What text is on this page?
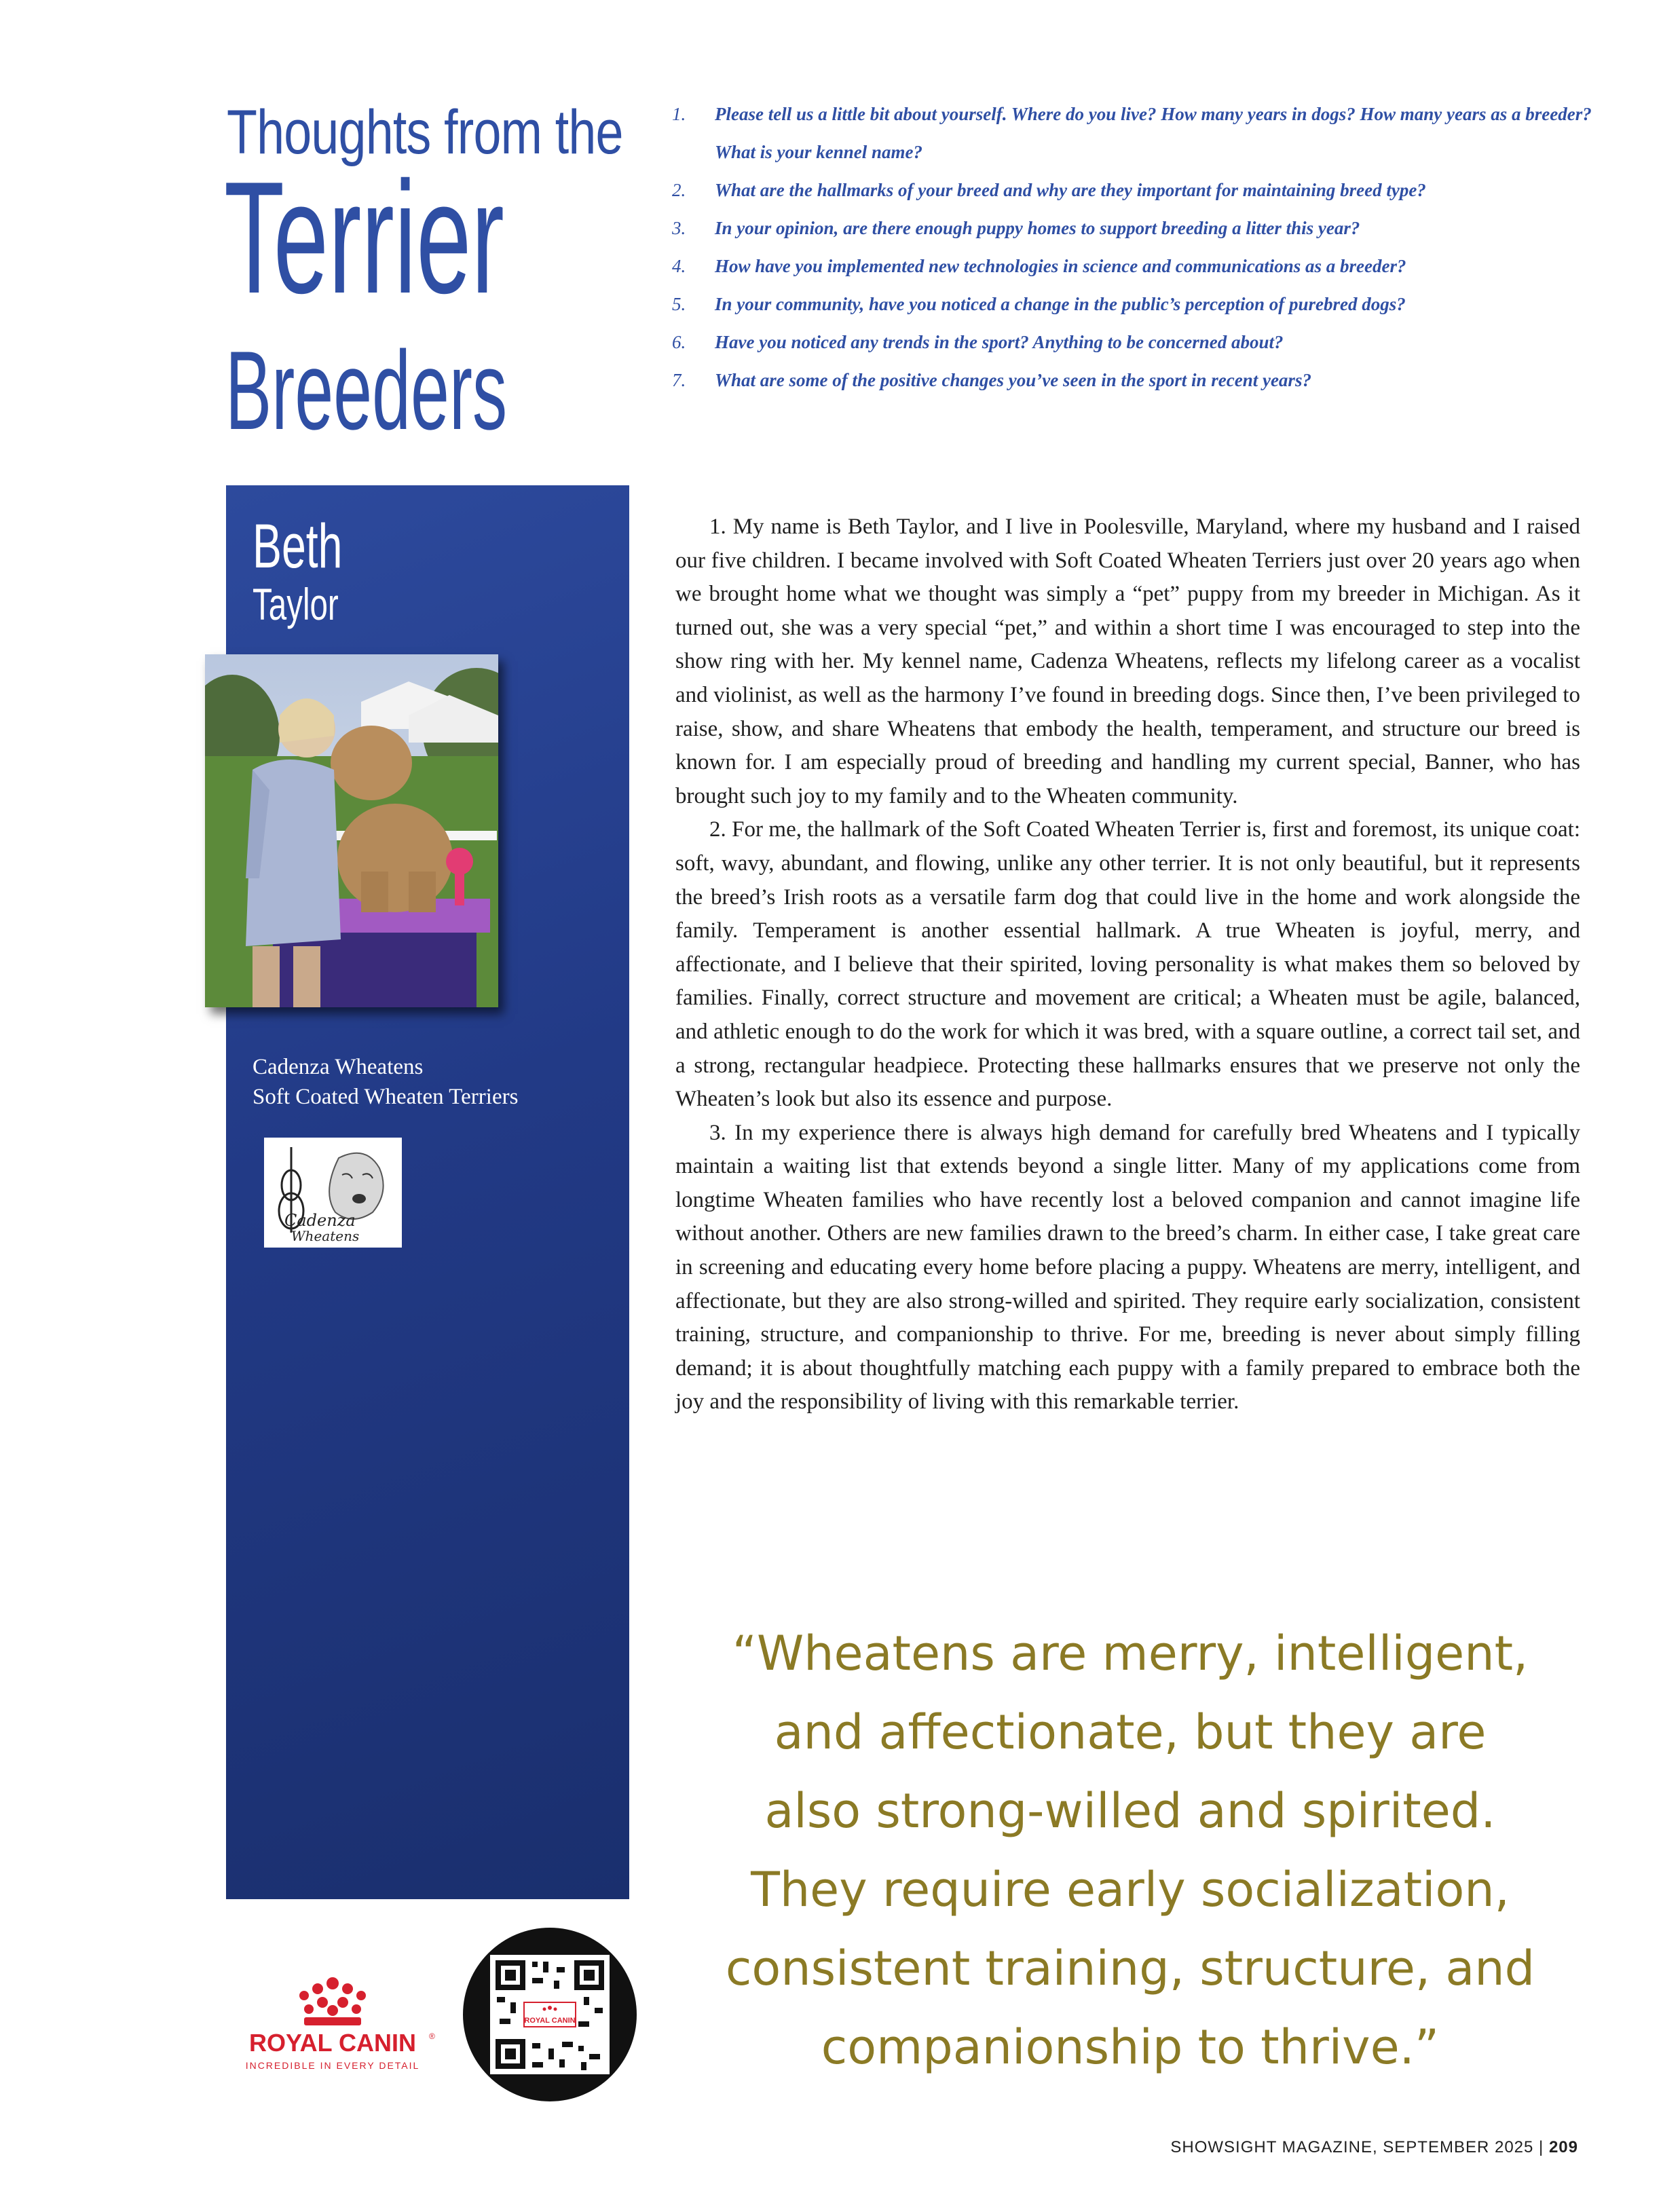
Thoughts from the
Terrier
Breeders
1. Please tell us a little bit about yourself. Where do you live? How many years in dogs? How many years as a breeder? What is your kennel name?
2. What are the hallmarks of your breed and why are they important for maintaining breed type?
3. In your opinion, are there enough puppy homes to support breeding a litter this year?
4. How have you implemented new technologies in science and communications as a breeder?
5. In your community, have you noticed a change in the public’s perception of purebred dogs?
6. Have you noticed any trends in the sport? Anything to be concerned about?
7. What are some of the positive changes you’ve seen in the sport in recent years?
Beth
Taylor
Cadenza Wheatens
Soft Coated Wheaten Terriers
Cadenza
Wheatens

1. My name is Beth Taylor, and I live in Poolesville, Maryland, where my husband and I raised our five children. I became involved with Soft Coated Wheaten Terriers just over 20 years ago when we brought home what we thought was simply a “pet” puppy from my breeder in Michigan. As it turned out, she was a very special “pet,” and within a short time I was encouraged to step into the show ring with her. My kennel name, Cadenza Wheatens, reflects my lifelong career as a vocalist and violinist, as well as the harmony I’ve found in breeding dogs. Since then, I’ve been privileged to raise, show, and share Wheatens that embody the health, temperament, and structure our breed is known for. I am especially proud of breeding and handling my current special, Banner, who has brought such joy to my family and to the Wheaten community.

2. For me, the hallmark of the Soft Coated Wheaten Terrier is, first and foremost, its unique coat: soft, wavy, abundant, and flowing, unlike any other terrier. It is not only beautiful, but it represents the breed’s Irish roots as a versatile farm dog that could live in the home and work alongside the family. Temperament is another essential hallmark. A true Wheaten is joyful, merry, and affectionate, and I believe that their spirited, loving personality is what makes them so beloved by families. Finally, correct structure and movement are critical; a Wheaten must be agile, balanced, and athletic enough to do the work for which it was bred, with a square outline, a correct tail set, and a strong, rectangular headpiece. Protecting these hallmarks ensures that we preserve not only the Wheaten’s look but also its essence and purpose.

3. In my experience there is always high demand for carefully bred Wheatens and I typically maintain a waiting list that extends beyond a single litter. Many of my applications come from longtime Wheaten families who have recently lost a beloved companion and cannot imagine life without another. Others are new families drawn to the breed’s charm. In either case, I take great care in screening and educating every home before placing a puppy. Wheatens are merry, intelligent, and affectionate, but they are also strong-willed and spirited. They require early socialization, consistent training, structure, and companionship to thrive. For me, breeding is never about simply filling demand; it is about thoughtfully matching each puppy with a family prepared to embrace both the joy and the responsibility of living with this remarkable terrier.

“Wheatens are merry, intelligent,
and affectionate, but they are
also strong-willed and spirited.
They require early socialization,
consistent training, structure, and
companionship to thrive.”
ROYAL CANIN ®
INCREDIBLE IN EVERY DETAIL
ROYAL CANIN
SHOWSIGHT MAGAZINE, SEPTEMBER 2025 | 209
